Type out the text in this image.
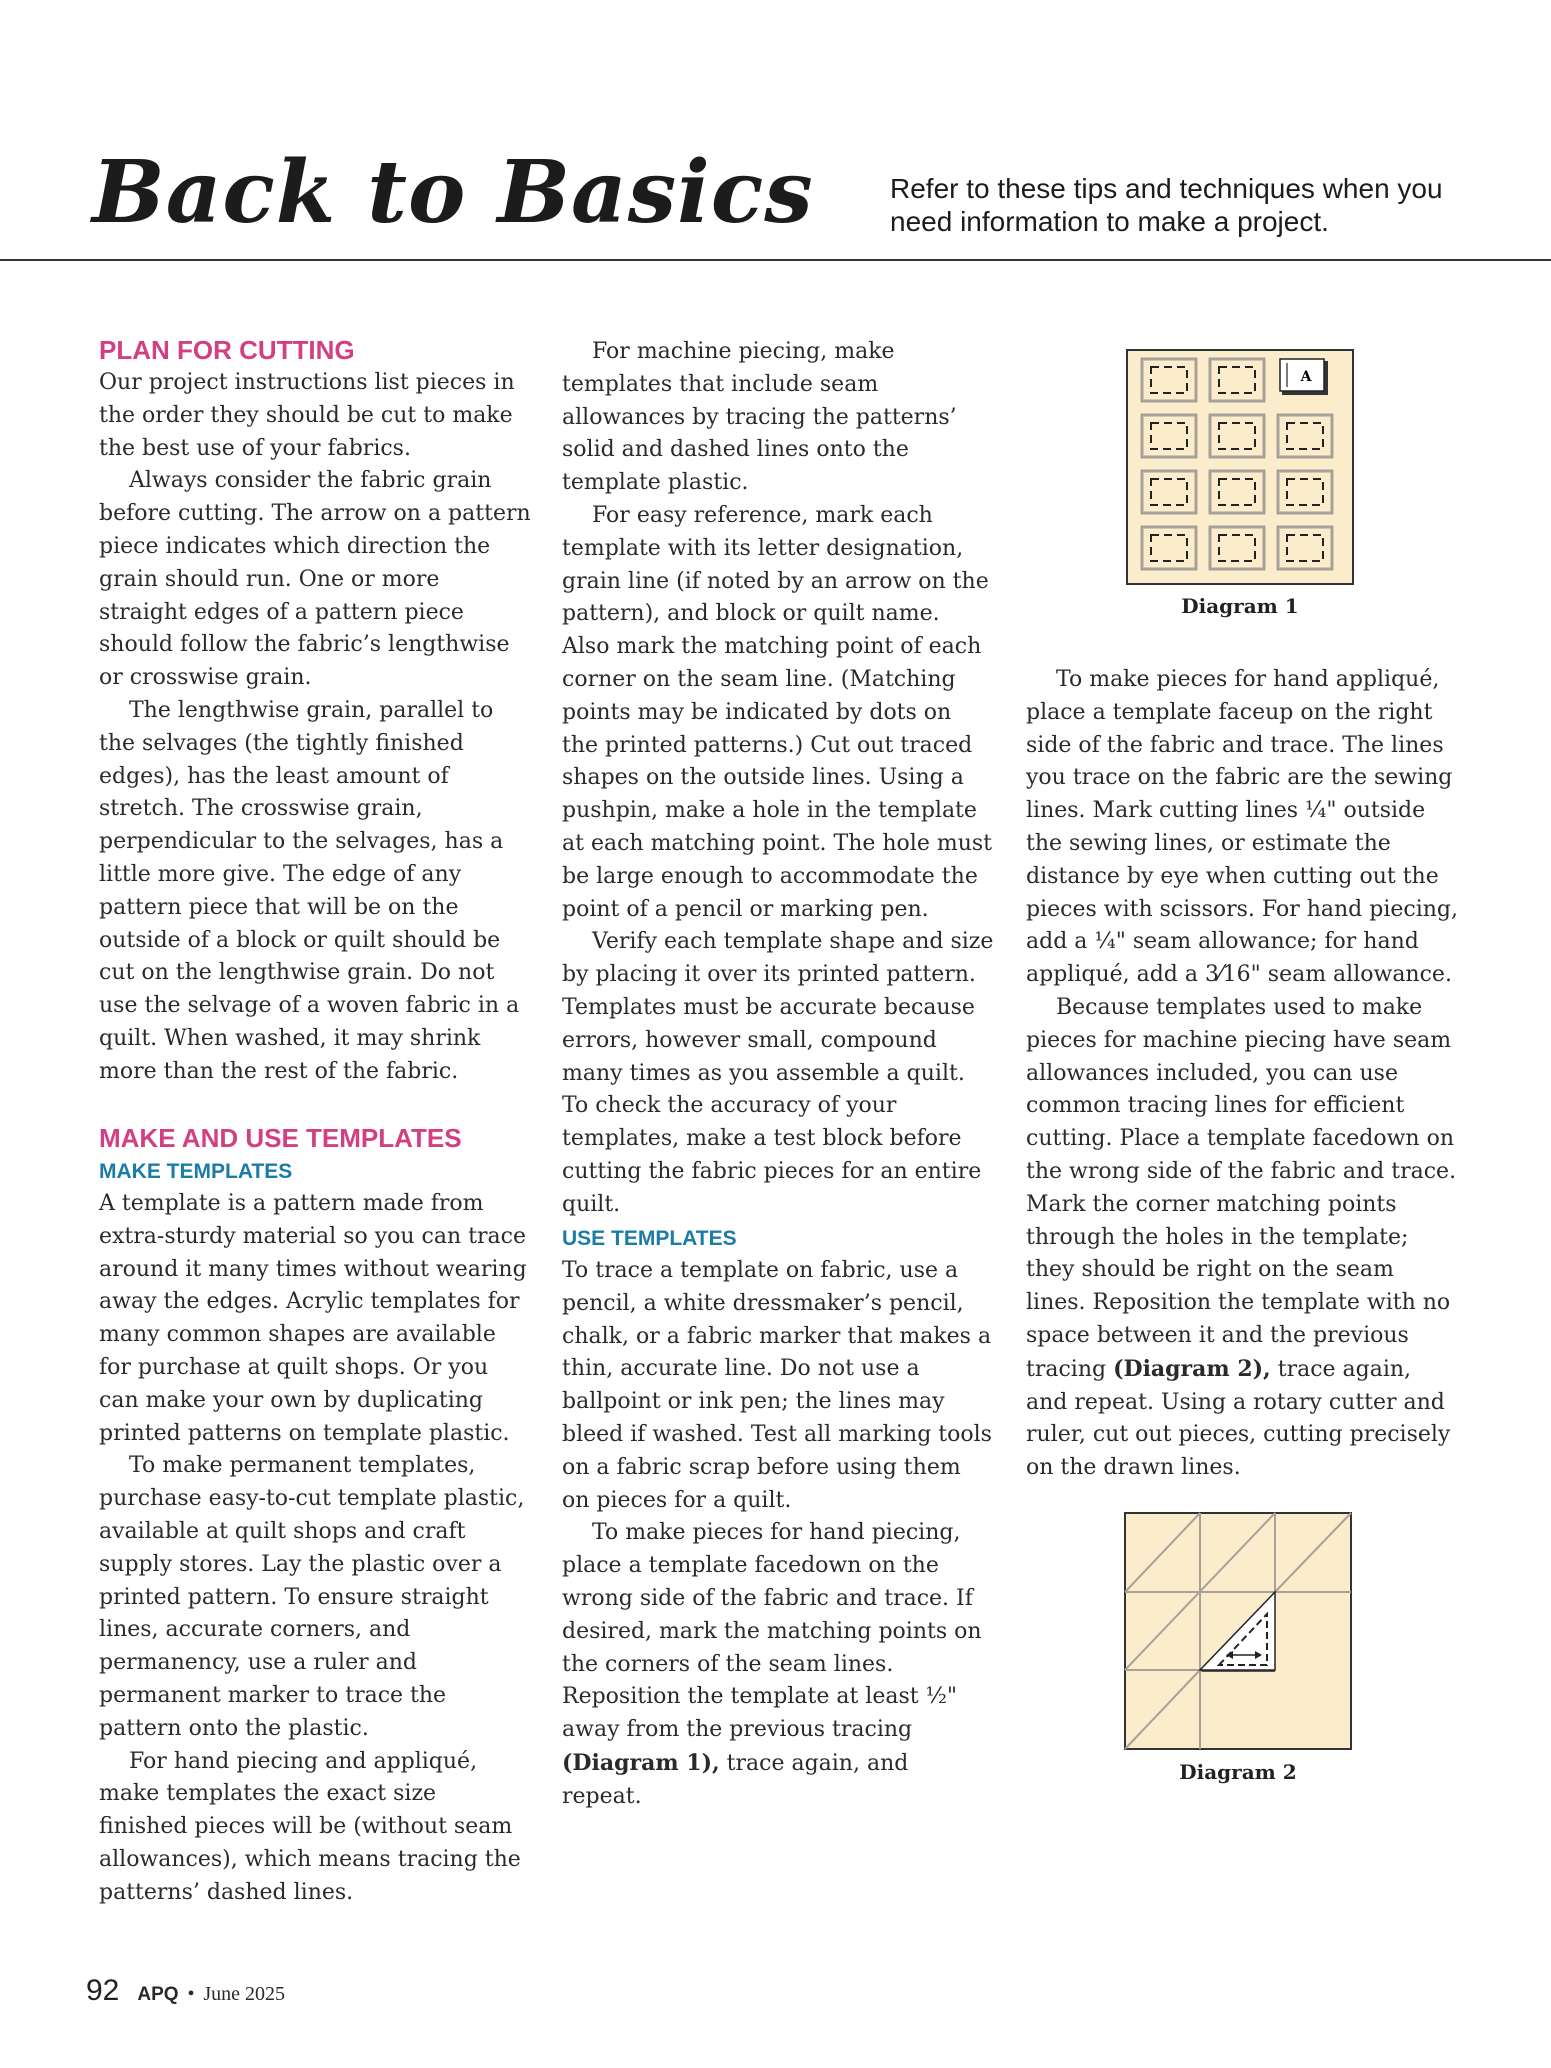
Back to Basics	Refer to these tips and techniques when you need information to make a project.
PLAN FOR CUTTING

Our project instructions list pieces in the order they should be cut to make the best use of your fabrics.

Always consider the fabric grain before cutting. The arrow on a pattern piece indicates which direction the grain should run. One or more straight edges of a pattern piece should follow the fabric’s lengthwise or crosswise grain.

The lengthwise grain, parallel to the selvages (the tightly finished edges), has the least amount of stretch. The crosswise grain, perpendicular to the selvages, has a little more give. The edge of any pattern piece that will be on the outside of a block or quilt should be cut on the lengthwise grain. Do not use the selvage of a woven fabric in a quilt. When washed, it may shrink more than the rest of the fabric.

MAKE AND USE TEMPLATES
MAKE TEMPLATES

A template is a pattern made from extra-sturdy material so you can trace around it many times without wearing away the edges. Acrylic templates for many common shapes are available for purchase at quilt shops. Or you can make your own by duplicating printed patterns on template plastic.

To make permanent templates, purchase easy-to-cut template plastic, available at quilt shops and craft supply stores. Lay the plastic over a printed pattern. To ensure straight lines, accurate corners, and permanency, use a ruler and permanent marker to trace the pattern onto the plastic.

For hand piecing and appliqué, make templates the exact size finished pieces will be (without seam allowances), which means tracing the patterns’ dashed lines.

For machine piecing, make templates that include seam allowances by tracing the patterns’ solid and dashed lines onto the template plastic.

For easy reference, mark each template with its letter designation, grain line (if noted by an arrow on the pattern), and block or quilt name. Also mark the matching point of each corner on the seam line. (Matching points may be indicated by dots on the printed patterns.) Cut out traced shapes on the outside lines. Using a pushpin, make a hole in the template at each matching point. The hole must be large enough to accommodate the point of a pencil or marking pen.

Verify each template shape and size by placing it over its printed pattern. Templates must be accurate because errors, however small, compound many times as you assemble a quilt. To check the accuracy of your templates, make a test block before cutting the fabric pieces for an entire quilt.

USE TEMPLATES

To trace a template on fabric, use a pencil, a white dressmaker’s pencil, chalk, or a fabric marker that makes a thin, accurate line. Do not use a ballpoint or ink pen; the lines may bleed if washed. Test all marking tools on a fabric scrap before using them on pieces for a quilt.

To make pieces for hand piecing, place a template facedown on the wrong side of the fabric and trace. If desired, mark the matching points on the corners of the seam lines. Reposition the template at least ½" away from the previous tracing (Diagram 1), trace again, and repeat.

A
Diagram 1

To make pieces for hand appliqué, place a template faceup on the right side of the fabric and trace. The lines you trace on the fabric are the sewing lines. Mark cutting lines ¼" outside the sewing lines, or estimate the distance by eye when cutting out the pieces with scissors. For hand piecing, add a ¼" seam allowance; for hand appliqué, add a 3⁄16" seam allowance.

Because templates used to make pieces for machine piecing have seam allowances included, you can use common tracing lines for efficient cutting. Place a template facedown on the wrong side of the fabric and trace. Mark the corner matching points through the holes in the template; they should be right on the seam lines. Reposition the template with no space between it and the previous tracing (Diagram 2), trace again, and repeat. Using a rotary cutter and ruler, cut out pieces, cutting precisely on the drawn lines.

Diagram 2
92 APQ • June 2025
